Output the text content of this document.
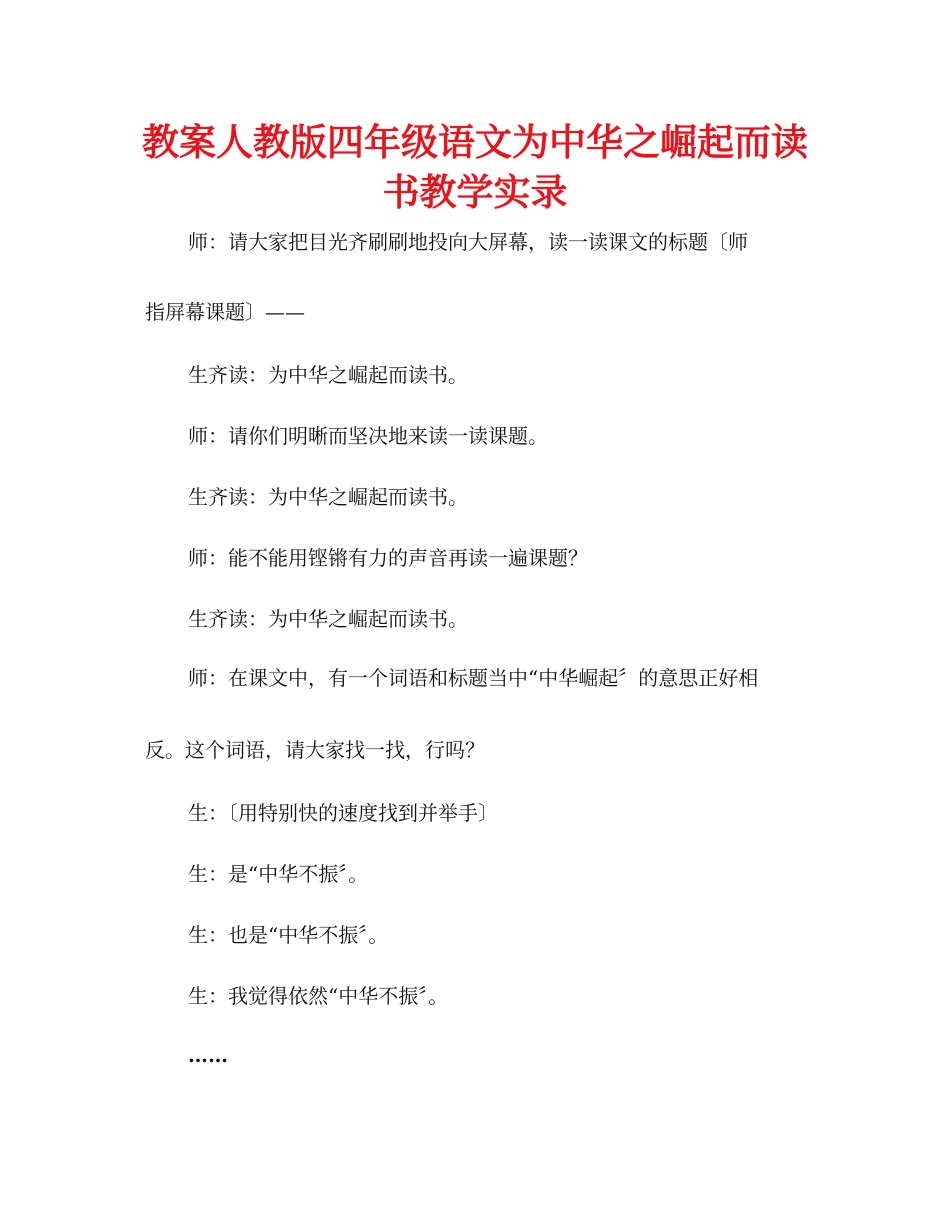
教案人教版四年级语文为中华之崛起而读
书教学实录
师：请大家把目光齐刷刷地投向大屏幕，读一读课文的标题〔师
指屏幕课题〕——
生齐读：为中华之崛起而读书。
师：请你们明晰而坚决地来读一读课题。
生齐读：为中华之崛起而读书。
师：能不能用铿锵有力的声音再读一遍课题？
生齐读：为中华之崛起而读书。
师：在课文中，有一个词语和标题当中“中华崛起〞的意思正好相
反。这个词语，请大家找一找，行吗？
生：〔用特别快的速度找到并举手〕
生：是“中华不振〞。
生：也是“中华不振〞。
生：我觉得依然“中华不振〞。
……
